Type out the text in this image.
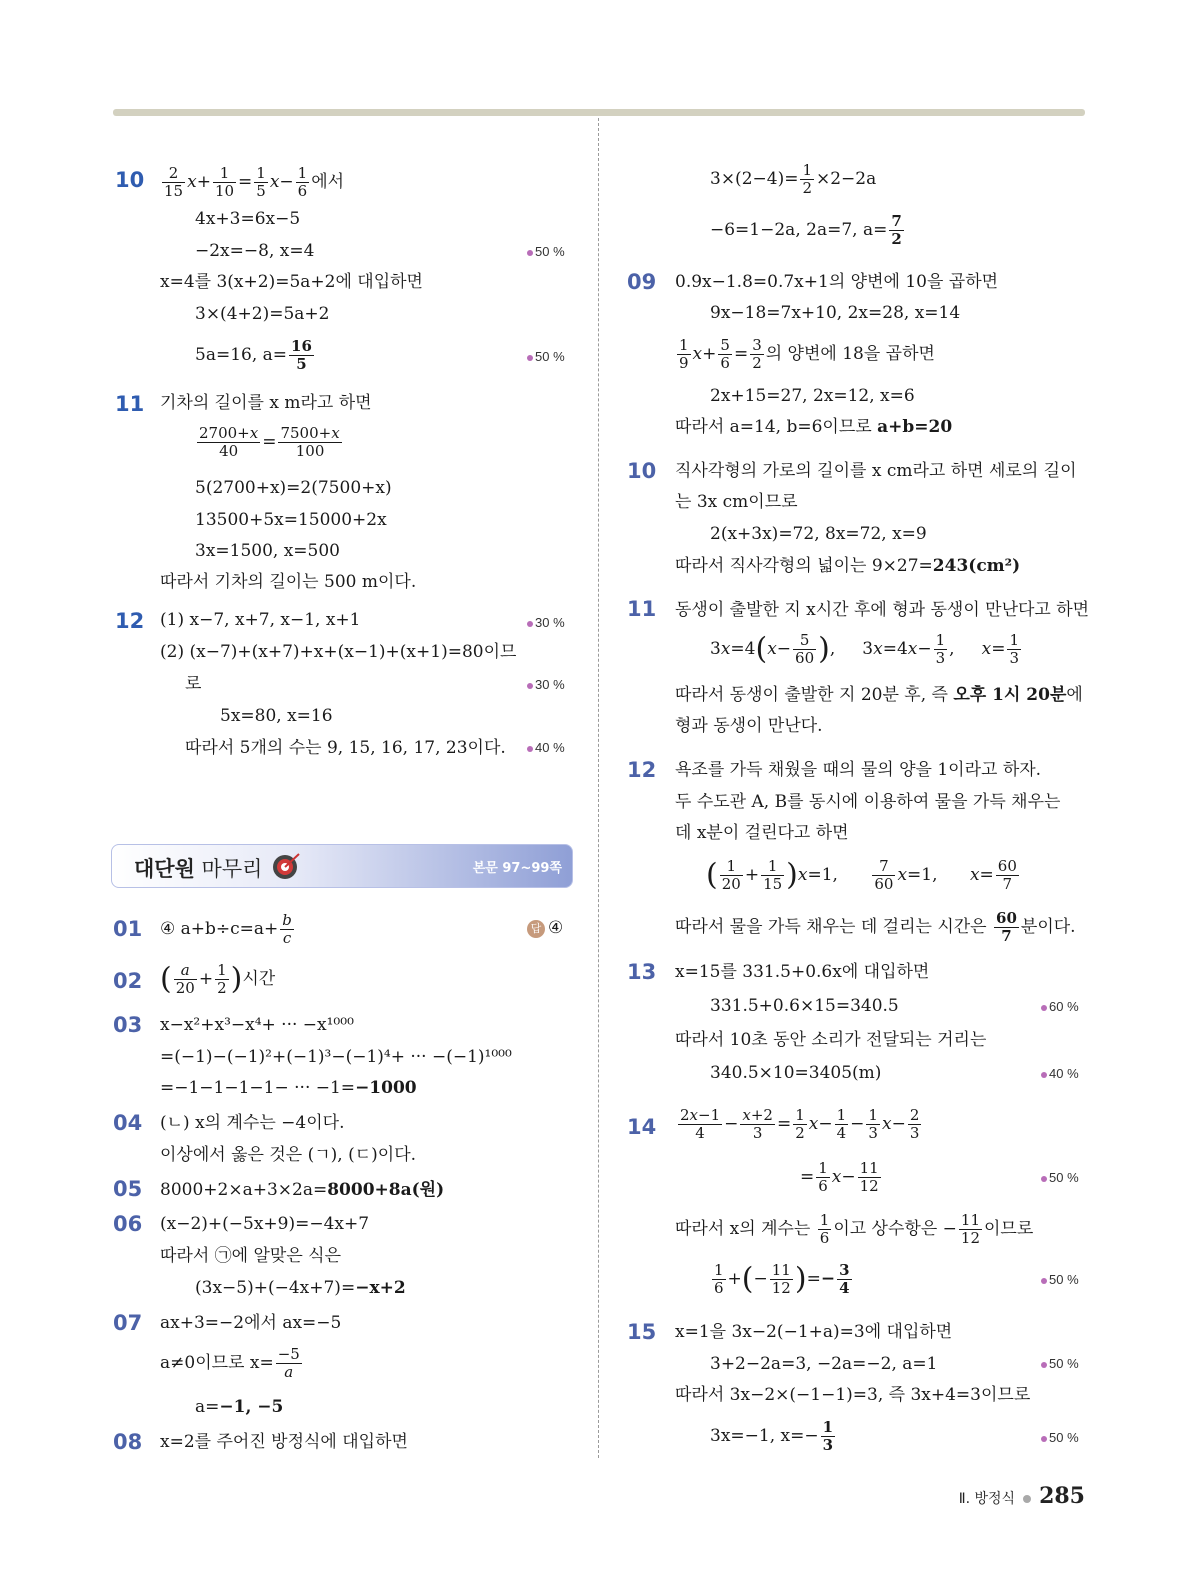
$10 \frac{2}{15} x+ \frac{1}{10} = \frac{1}{5} x- \frac{1}{6}$ 에서
4x+3=6x−5
−2x=−8, x=4	50 %
x=4를 3(x+2)=5a+2에 대입하면
3×(4+2)=5a+2
5a=16, $a= \frac{16}{5}$	50 %
11 기차의 길이를 x m라고 하면
$\frac{2700+x}{40} = \frac{7500+x}{100}$
5(2700+x)=2(7500+x)
13500+5x=15000+2x
3x=1500, x=500
따라서 기차의 길이는 500 m이다.
12 (1) x−7, x+7, x−1, x+1	30 %
(2) (x−7)+(x+7)+x+(x−1)+(x+1)=80이므
로	30 %
5x=80, x=16
따라서 5개의 수는 9, 15, 16, 17, 23이다.	40 %
대단원 마무리	본문 97~99쪽
01 ④ $a+b\div c=a+ \frac{b}{c}$	답 ④
02 ( $\frac{a}{20} + \frac{1}{2}$ )시간
03 x−x²+x³−x⁴+ ··· −x¹⁰⁰⁰
=(−1)−(−1)²+(−1)³−(−1)⁴+ ··· −(−1)¹⁰⁰⁰
=−1−1−1−1− ··· −1=−1000
04 (ㄴ) x의 계수는 −4이다.
이상에서 옳은 것은 (ㄱ), (ㄷ)이다.
05 8000+2×a+3×2a=8000+8a(원)
06 (x−2)+(−5x+9)=−4x+7
따라서 ㉠에 알맞은 식은
(3x−5)+(−4x+7)=−x+2
07 ax+3=−2에서 ax=−5
a≠0이므로 $x= \frac{-5}{a}$
a=−1, −5
08 x=2를 주어진 방정식에 대입하면
$3\times(2-4)= \frac{1}{2} \times 2-2a$
−6=1−2a, 2a=7, $a= \frac{7}{2}$
09 0.9x−1.8=0.7x+1의 양변에 10을 곱하면
9x−18=7x+10, 2x=28, x=14
$\frac{1}{9} x+ \frac{5}{6} = \frac{3}{2}$ 의 양변에 18을 곱하면
2x+15=27, 2x=12, x=6
따라서 a=14, b=6이므로 a+b=20
10 직사각형의 가로의 길이를 x cm라고 하면 세로의 길이
는 3x cm이므로
2(x+3x)=72, 8x=72, x=9
따라서 직사각형의 넓이는 9×27=243(cm²)
11 동생이 출발한 지 x시간 후에 형과 동생이 만난다고 하면
$3x=4(x- \frac{5}{60}$ ),     $3x=4x- \frac{1}{3}$ ,     $x= \frac{1}{3}$
따라서 동생이 출발한 지 20분 후, 즉 오후 1시 20분에
형과 동생이 만난다.
12 욕조를 가득 채웠을 때의 물의 양을 1이라고 하자.
두 수도관 A, B를 동시에 이용하여 물을 가득 채우는
데 x분이 걸린다고 하면
( $\frac{1}{20} + \frac{1}{15} )x=1$, $\frac{7}{60} x=1$,      $x= \frac{60}{7}$
따라서 물을 가득 채우는 데 걸리는 시간은 $\frac{60}{7}$ 분이다.
13 x=15를 331.5+0.6x에 대입하면
331.5+0.6×15=340.5	60 %
따라서 10초 동안 소리가 전달되는 거리는
340.5×10=3405(m)	40 %
$14 \frac{2x-1}{4} - \frac{x+2}{3} = \frac{1}{2} x- \frac{1}{4} - \frac{1}{3} x- \frac{2}{3}$
= $\frac{1}{6} x- \frac{11}{12}$	50 %
따라서 x의 계수는 $\frac{1}{6}$ 이고 상수항은 − $\frac{11}{12}$ 이므로
$\frac{1}{6}$ +(− $\frac{11}{12}$ )=− $\frac{3}{4}$	50 %
15 x=1을 3x−2(−1+a)=3에 대입하면
3+2−2a=3, −2a=−2, a=1	50 %
따라서 3x−2×(−1−1)=3, 즉 3x+4=3이므로
3x=−1, $x=- \frac{1}{3}$	50 %
Ⅱ. 방정식 285
